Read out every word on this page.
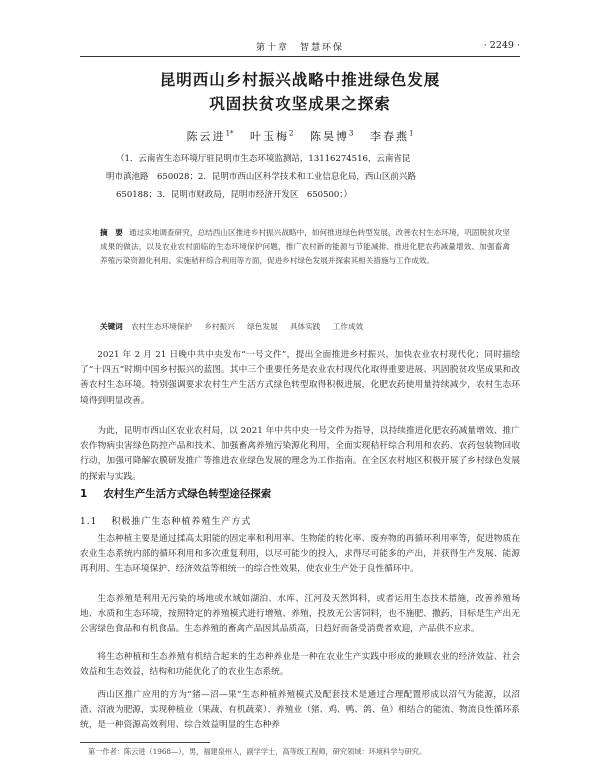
第十章　智慧环保	· 2249 ·
昆明西山乡村振兴战略中推进绿色发展
巩固扶贫攻坚成果之探索
陈云进$^{1*}$ 叶玉梅$^2$ 陈昊博$^3$ 李春燕$^1$
（1．云南省生态环境厅驻昆明市生态环境监测站，13116274516，云南省昆
明市滇池路　650028；2．昆明市西山区科学技术和工业信息化局，西山区前兴路
650188；3．昆明市财政局，昆明市经济开发区　650500；）
摘　要 通过实地调查研究，总结西山区推进乡村振兴战略中，如何推进绿色转型发展，改善农村生态环境，巩固脱贫攻坚成果的做法，以及农业农村面临的生态环境保护问题，推广农村新的能源与节能减排、推进化肥农药减量增效、加强畜禽养殖污染资源化利用、实施秸秆综合利用等方面，促进乡村绿色发展并探索其相关措施与工作成效。
关键词 农村生态环境保护 乡村振兴 绿色发展 具体实践 工作成效
2021 年 2 月 21 日晚中共中央发布“一号文件”，提出全面推进乡村振兴，加快农业农村现代化；同时描绘了“十四五”时期中国乡村振兴的蓝图。其中三个重要任务是农业农村现代化取得重要进展、巩固脱贫攻坚成果和改善农村生态环境。特别强调要求农村生产生活方式绿色转型取得积极进展，化肥农药使用量持续减少，农村生态环境得到明显改善。
为此，昆明市西山区农业农村局，以 2021 年中共中央一号文件为指导，以持续推进化肥农药减量增效、推广农作物病虫害绿色防控产品和技术、加强畜禽养殖污染源化利用，全面实现秸秆综合利用和农药、农药包装物回收行动，加强可降解农膜研发推广等推进农业绿色发展的理念为工作指南。在全区农村地区积极开展了乡村绿色发展的探索与实践。
1 农村生产生活方式绿色转型途径探索
1.1 积极推广生态种植养殖生产方式
生态种植主要是通过揉高太阳能的固定率和利用率、生物能的转化率、废弃物的再循环利用率等，促进物质在农业生态系统内部的循环利用和多次重复利用，以尽可能少的投入，求得尽可能多的产出，并获得生产发展、能源再利用、生态环境保护、经济效益等相统一的综合性效果，使农业生产处于良性循环中。
生态养殖是利用无污染的场地或水域如湖泊、水库、江河及天然饵料，或者运用生态技术措施，改善养殖场地、水质和生态环境，按照特定的养殖模式进行增殖、养殖，投放无公害饲料，也不施肥、撒药，目标是生产出无公害绿色食品和有机食品。生态养殖的畜禽产品因其品质高，日趋好而备受消费者欢迎，产品供不应求。
将生态种植和生态养殖有机结合起来的生态种养业是一种在农业生产实践中形成的兼顾农业的经济效益、社会效益和生态效益，结构和功能优化了的农业生态系统。
西山区推广应用的方为“猪—沼—果”生态种植养殖模式及配套技术是通过合理配置形成以沼气为能源，以沼渣、沼液为肥源，实现种植业（果蔬、有机蔬菜）、养殖业（猪、鸡、鸭、鸽、鱼）相结合的能流、物流良性循环系统，是一种资源高效利用、综合效益明显的生态种养
第一作者：陈云进（1968—），男，福建泉州人，副学学士，高等级工程师，研究领域：环境科学与研究。
